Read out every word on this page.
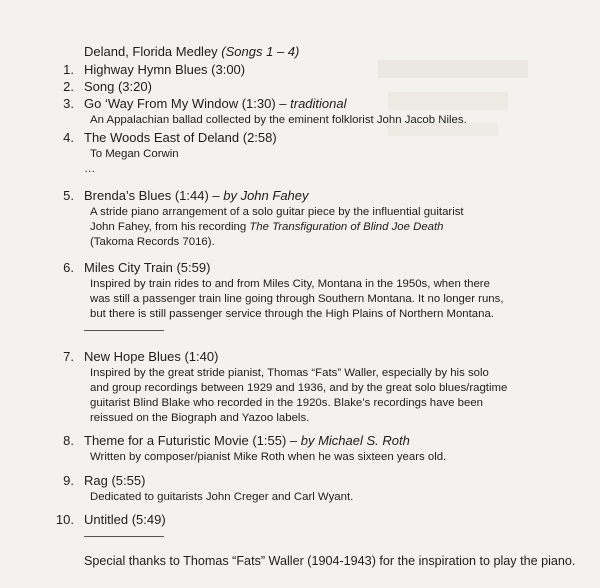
Deland, Florida Medley (Songs 1 – 4)
1. Highway Hymn Blues (3:00)
2. Song (3:20)
3. Go ‘Way From My Window (1:30) – traditional
An Appalachian ballad collected by the eminent folklorist John Jacob Niles.
4. The Woods East of Deland (2:58)
To Megan Corwin
…
5. Brenda’s Blues (1:44) – by John Fahey
A stride piano arrangement of a solo guitar piece by the influential guitarist
John Fahey, from his recording The Transfiguration of Blind Joe Death
(Takoma Records 7016).
6. Miles City Train (5:59)
Inspired by train rides to and from Miles City, Montana in the 1950s, when there
was still a passenger train line going through Southern Montana. It no longer runs,
but there is still passenger service through the High Plains of Northern Montana.
7. New Hope Blues (1:40)
Inspired by the great stride pianist, Thomas “Fats” Waller, especially by his solo
and group recordings between 1929 and 1936, and by the great solo blues/ragtime
guitarist Blind Blake who recorded in the 1920s. Blake’s recordings have been
reissued on the Biograph and Yazoo labels.
8. Theme for a Futuristic Movie (1:55) – by Michael S. Roth
Written by composer/pianist Mike Roth when he was sixteen years old.
9. Rag (5:55)
Dedicated to guitarists John Creger and Carl Wyant.
10. Untitled (5:49)
Special thanks to Thomas “Fats” Waller (1904-1943) for the inspiration to play the piano.
